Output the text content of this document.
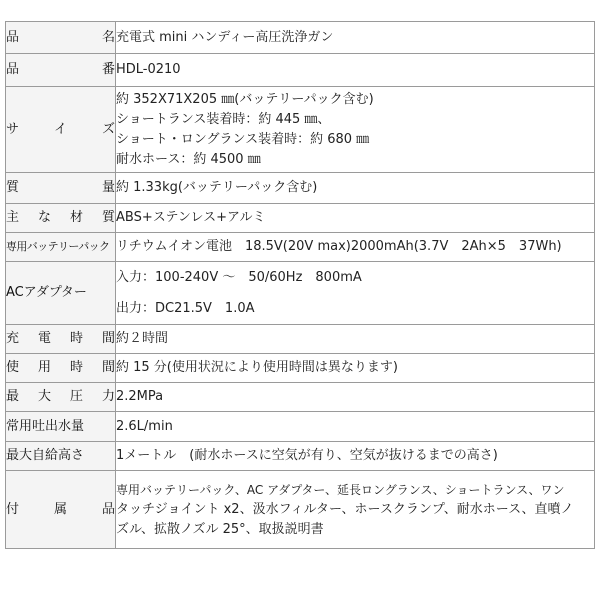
品 名	充電式 mini ハンディー高圧洗浄ガン

品 番	HDL-0210

サ イ ズ	約 352X71X205 ㎜(バッテリーパック含む)
ショートランス装着時：約 445 ㎜、
ショート・ロングランス装着時：約 680 ㎜
耐水ホース：約 4500 ㎜

質 量	約 1.33kg(バッテリーパック含む)

主 な 材 質	ABS+ステンレス+アルミ

専用バッテリーパック	リチウムイオン電池　18.5V(20V max)2000mAh(3.7V　2Ah×5　37Wh)

ACアダプター	入力：100-240V ～　50/60Hz　800mA
出力：DC21.5V　1.0A

充 電 時 間	約２時間

使 用 時 間	約 15 分(使用状況により使用時間は異なります)

最 大 圧 力	2.2MPa

常用吐出水量	2.6L/min

最大自給高さ	1メートル　(耐水ホースに空気が有り、空気が抜けるまでの高さ)

付 属 品	専用バッテリーパック、AC アダプター、延長ロングランス、ショートランス、ワン
タッチジョイント x2、汲水フィルター、ホースクランプ、耐水ホース、直噴ノ
ズル、拡散ノズル 25°、取扱説明書
